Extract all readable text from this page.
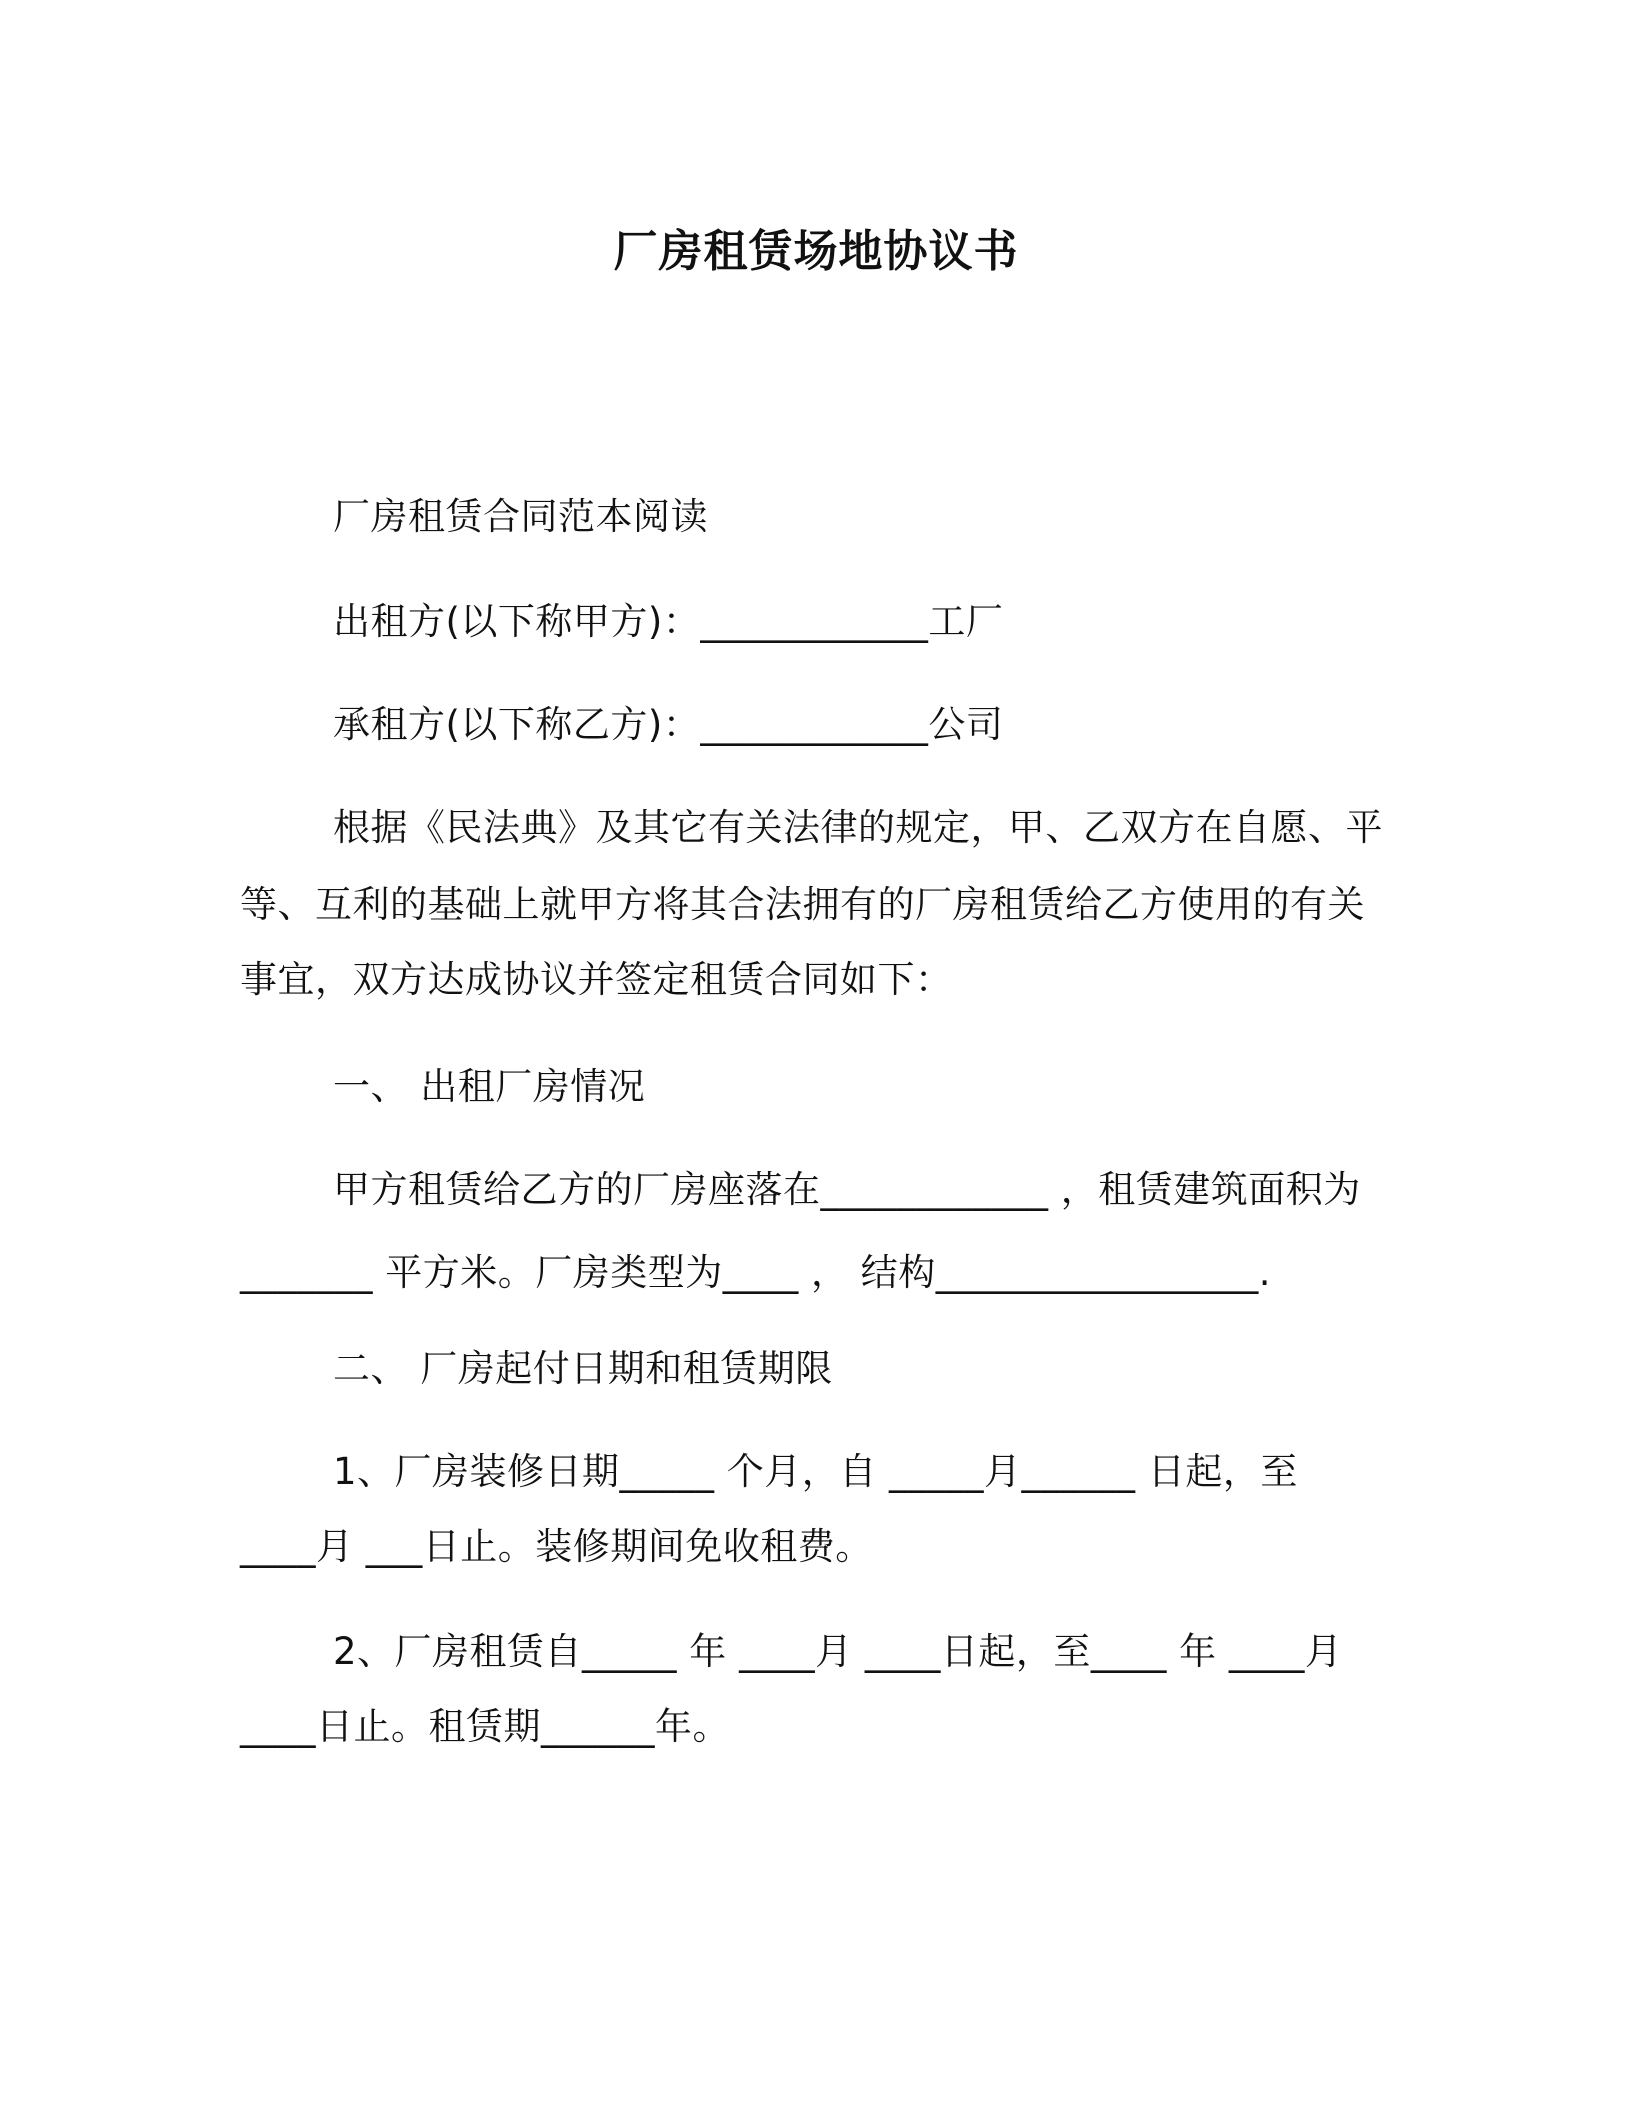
厂房租赁场地协议书
厂房租赁合同范本阅读
出租方(以下称甲方)：____________工厂
承租方(以下称乙方)：____________公司
根据《民法典》及其它有关法律的规定，甲、乙双方在自愿、平
等、互利的基础上就甲方将其合法拥有的厂房租赁给乙方使用的有关
事宜，双方达成协议并签定租赁合同如下：
一、 出租厂房情况
甲方租赁给乙方的厂房座落在____________ ，租赁建筑面积为
_______ 平方米。厂房类型为____ ， 结构_________________.
二、 厂房起付日期和租赁期限
1、厂房装修日期_____ 个月，自 _____月______ 日起，至
____月 ___日止。装修期间免收租费。
2、厂房租赁自_____ 年 ____月 ____日起，至____ 年 ____月
____日止。租赁期______年。
